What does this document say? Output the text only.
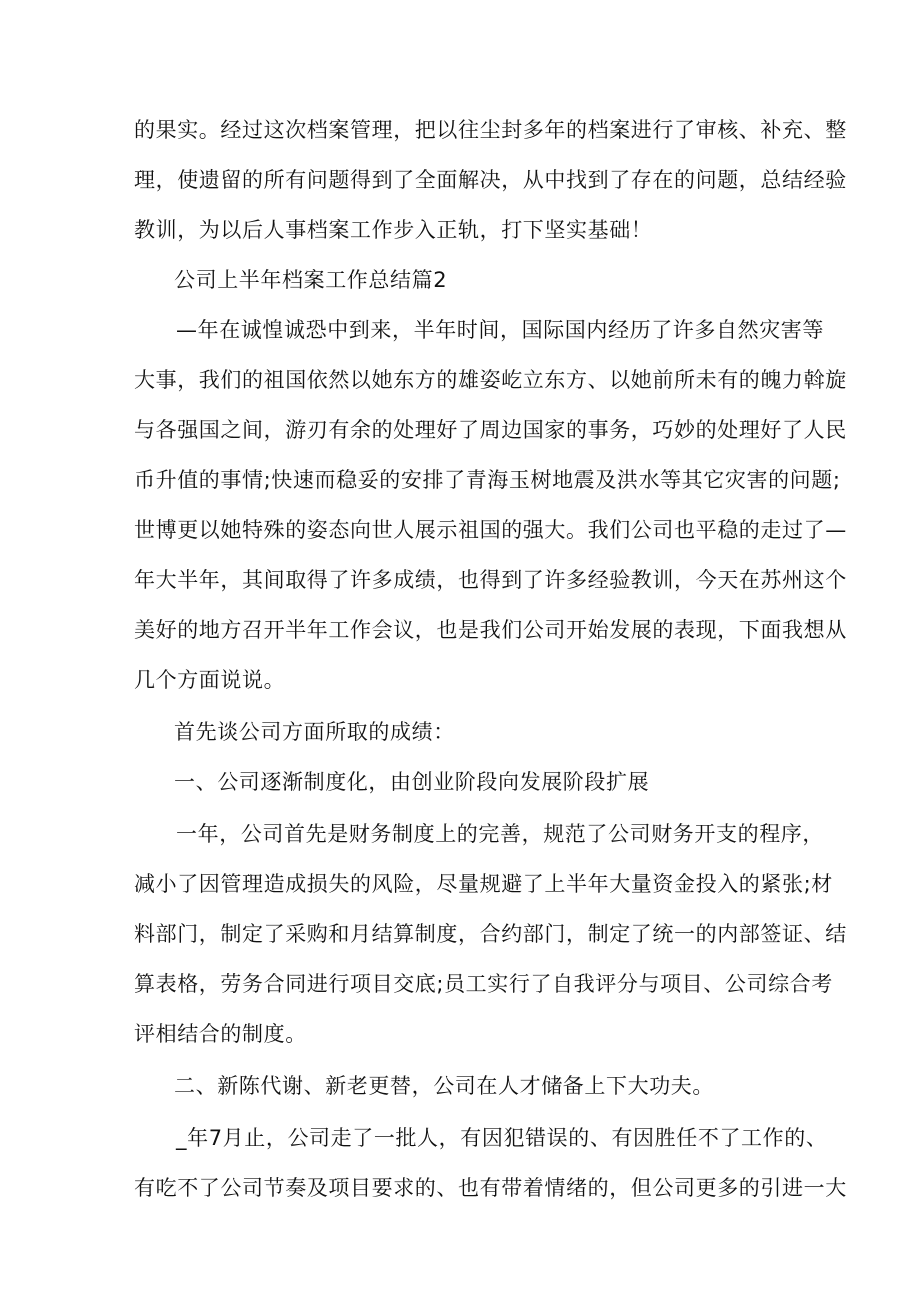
的果实。经过这次档案管理，把以往尘封多年的档案进行了审核、补充、整
理，使遗留的所有问题得到了全面解决，从中找到了存在的问题，总结经验
教训，为以后人事档案工作步入正轨，打下坚实基础！
公司上半年档案工作总结篇2
—年在诚惶诚恐中到来，半年时间，国际国内经历了许多自然灾害等
大事，我们的祖国依然以她东方的雄姿屹立东方、以她前所未有的魄力斡旋
与各强国之间，游刃有余的处理好了周边国家的事务，巧妙的处理好了人民
币升值的事情;快速而稳妥的安排了青海玉树地震及洪水等其它灾害的问题;
世博更以她特殊的姿态向世人展示祖国的强大。我们公司也平稳的走过了—
年大半年，其间取得了许多成绩，也得到了许多经验教训，今天在苏州这个
美好的地方召开半年工作会议，也是我们公司开始发展的表现，下面我想从
几个方面说说。
首先谈公司方面所取的成绩：
一、公司逐渐制度化，由创业阶段向发展阶段扩展
一年，公司首先是财务制度上的完善，规范了公司财务开支的程序，
减小了因管理造成损失的风险，尽量规避了上半年大量资金投入的紧张;材
料部门，制定了采购和月结算制度，合约部门，制定了统一的内部签证、结
算表格，劳务合同进行项目交底;员工实行了自我评分与项目、公司综合考
评相结合的制度。
二、新陈代谢、新老更替，公司在人才储备上下大功夫。
_年7月止，公司走了一批人，有因犯错误的、有因胜任不了工作的、
有吃不了公司节奏及项目要求的、也有带着情绪的，但公司更多的引进一大
